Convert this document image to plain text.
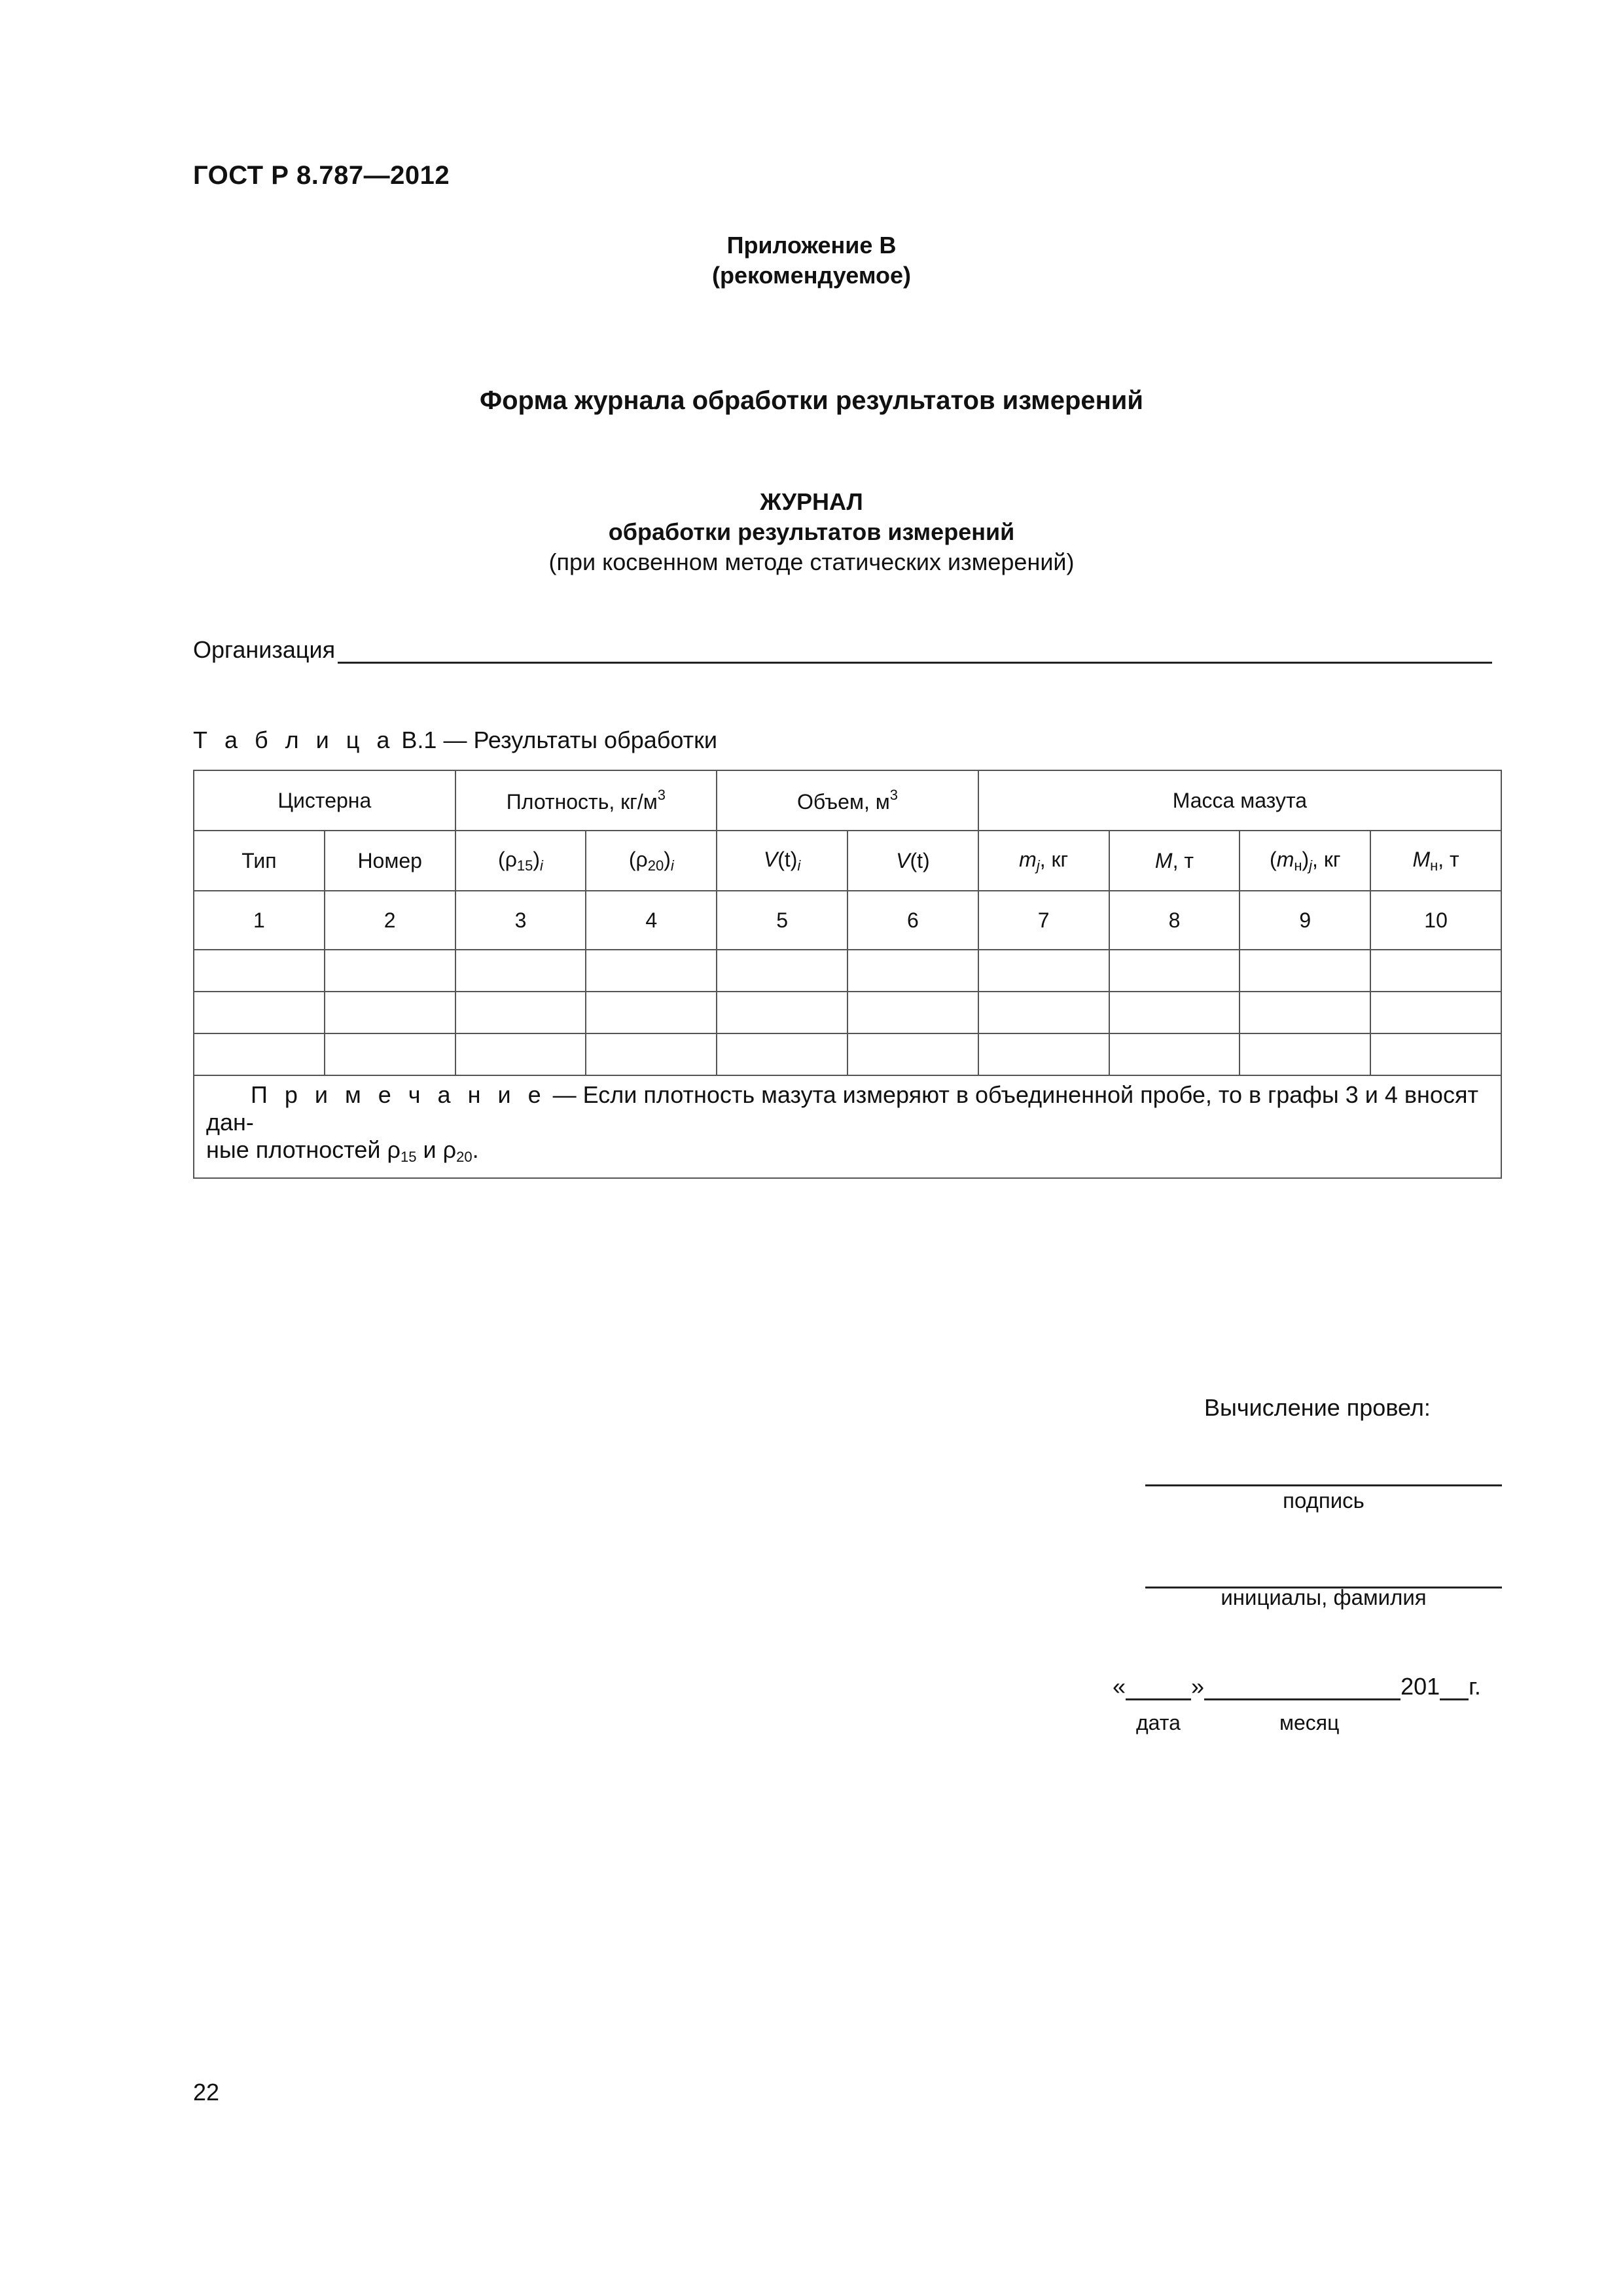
ГОСТ Р 8.787—2012
Приложение В
(рекомендуемое)
Форма журнала обработки результатов измерений
ЖУРНАЛ
обработки результатов измерений
(при косвенном методе статических измерений)
Организация
Т а б л и ц а В.1 — Результаты обработки
Цистерна		Плотность, $кг/м^3$		Объем, $м^3$		Масса мазута			
Тип	Номер	$(\rho_{15})_i$	$(\rho_{20})_i$	$V(t)_i$	V(t)	$m_j$, кг	M, т	$(m_н)_j$, кг	$M_н$, т
1	2	3	4	5	6	7	8	9	10

П р и м е ч а н и е — Если плотность мазута измеряют в объединенной пробе, то в графы 3 и 4 вносят дан-
ные плотностей $\rho_{15}$ и $\rho_{20}$.									
Вычисление провел:
подпись
инициалы, фамилия
«	»	201 г.
дата	месяц
22
